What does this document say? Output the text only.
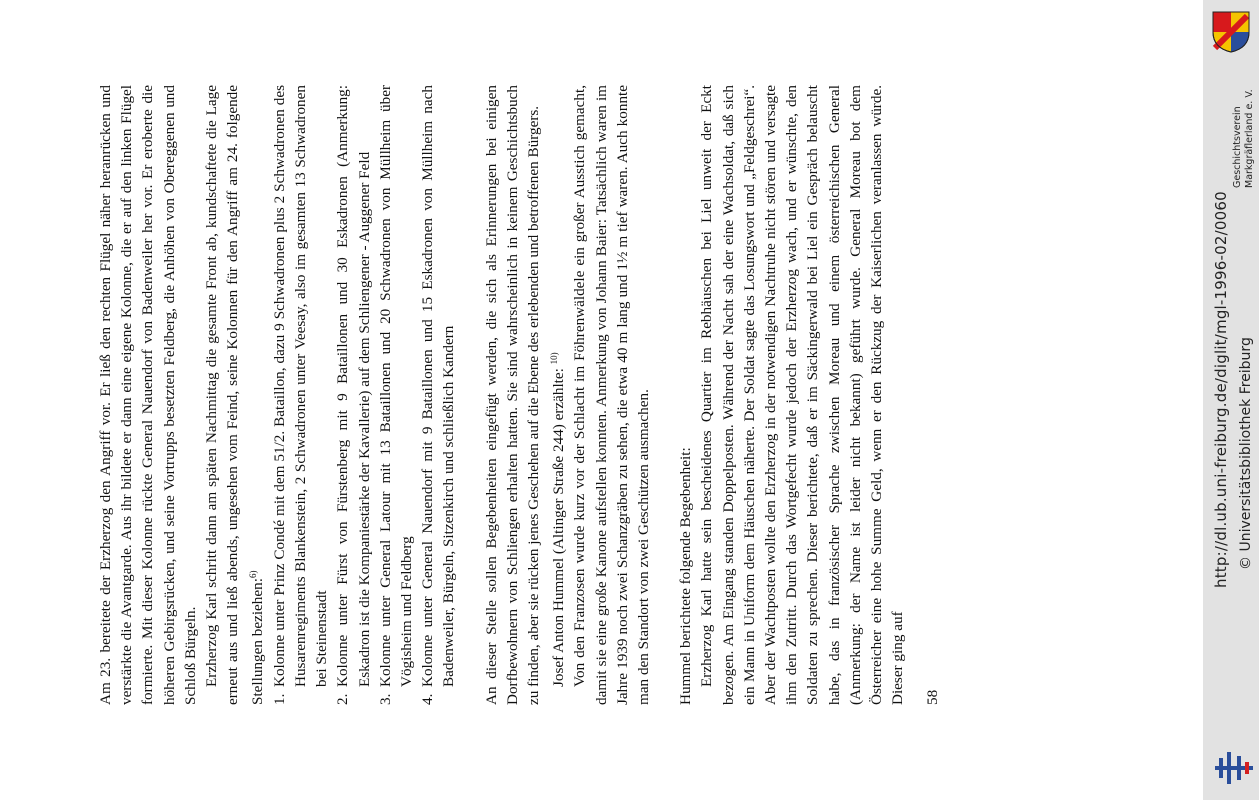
Am 23. bereitete der Erzherzog den Angriff vor. Er ließ den rechten Flügel näher heranrücken und verstärkte die Avantgarde. Aus ihr bildete er dann eine eigene Kolonne, die er auf den linken Flügel formierte. Mit dieser Kolonne rückte General Nauendorf von Badenweiler her vor. Er eroberte die höheren Gebirgsrücken, und seine Vortrupps besetzten Feldberg, die Anhöhen von Obereggenen und Schloß Bürgeln. Erzherzog Karl schritt dann am späten Nachmittag die gesamte Front ab, kundschaftete die Lage erneut aus und ließ abends, ungesehen vom Feind, seine Kolonnen für den Angriff am 24. folgende Stellungen beziehen:$^{6)}$

1.
Kolonne unter Prinz Condé mit dem 51/2. Bataillon, dazu 9 Schwadronen plus 2 Schwadronen des Husarenregiments Blankenstein, 2 Schwadronen unter Veesay, also im gesamten 13 Schwadronen bei Steinenstadt
2.
Kolonne unter Fürst von Fürstenberg mit 9 Bataillonen und 30 Eskadronen (Anmerkung: Eskadron ist die Kompaniestärke der Kavallerie) auf dem Schliengener - Auggener Feld
3.
Kolonne unter General Latour mit 13 Bataillonen und 20 Schwadronen von Müllheim über Vögisheim und Feldberg
4.
Kolonne unter General Nauendorf mit 9 Bataillonen und 15 Eskadronen von Müllheim nach Badenweiler, Bürgeln, Sitzenkirch und schließlich Kandern An dieser Stelle sollen Begebenheiten eingefügt werden, die sich als Erinnerungen bei einigen Dorfbewohnern von Schliengen erhalten hatten. Sie sind wahrscheinlich in keinem Geschichtsbuch zu finden, aber sie rücken jenes Geschehen auf die Ebene des erlebenden und betroffenen Bürgers. Josef Anton Hummel (Altinger Straße 244) erzählte: $^{10)}$ Von den Franzosen wurde kurz vor der Schlacht im Föhrenwäldele ein großer Ausstich gemacht, damit sie eine große Kanone aufstellen konnten. Anmerkung von Johann Baier: Tatsächlich waren im Jahre 1939 noch zwei Schanzgräben zu sehen, die etwa 40 m lang und 1½ m tief waren. Auch konnte man den Standort von zwei Geschützen ausmachen. Hummel berichtete folgende Begebenheit: Erzherzog Karl hatte sein bescheidenes Quartier im Rebhäuschen bei Liel unweit der Eckt bezogen. Am Eingang standen Doppelposten. Während der Nacht sah der eine Wachsoldat, daß sich ein Mann in Uniform dem Häuschen näherte. Der Soldat sagte das Losungswort und „Feldgeschrei“. Aber der Wachtposten wollte den Erzherzog in der notwendigen Nachtruhe nicht stören und versagte ihm den Zutritt. Durch das Wortgefecht wurde jedoch der Erzherzog wach, und er wünschte, den Soldaten zu sprechen. Dieser berichtete, daß er im Säckingerwald bei Liel ein Gespräch belauscht habe, das in französischer Sprache zwischen Moreau und einem österreichischen General (Anmerkung: der Name ist leider nicht bekannt) geführt wurde. General Moreau bot dem Österreicher eine hohe Summe Geld, wenn er den Rückzug der Kaiserlichen veranlassen würde. Dieser ging auf 58

Geschichtsverein Markgräflerland e. V.
http://dl.ub.uni-freiburg.de/diglit/mgl-1996-02/0060 © Universitätsbibliothek Freiburg
